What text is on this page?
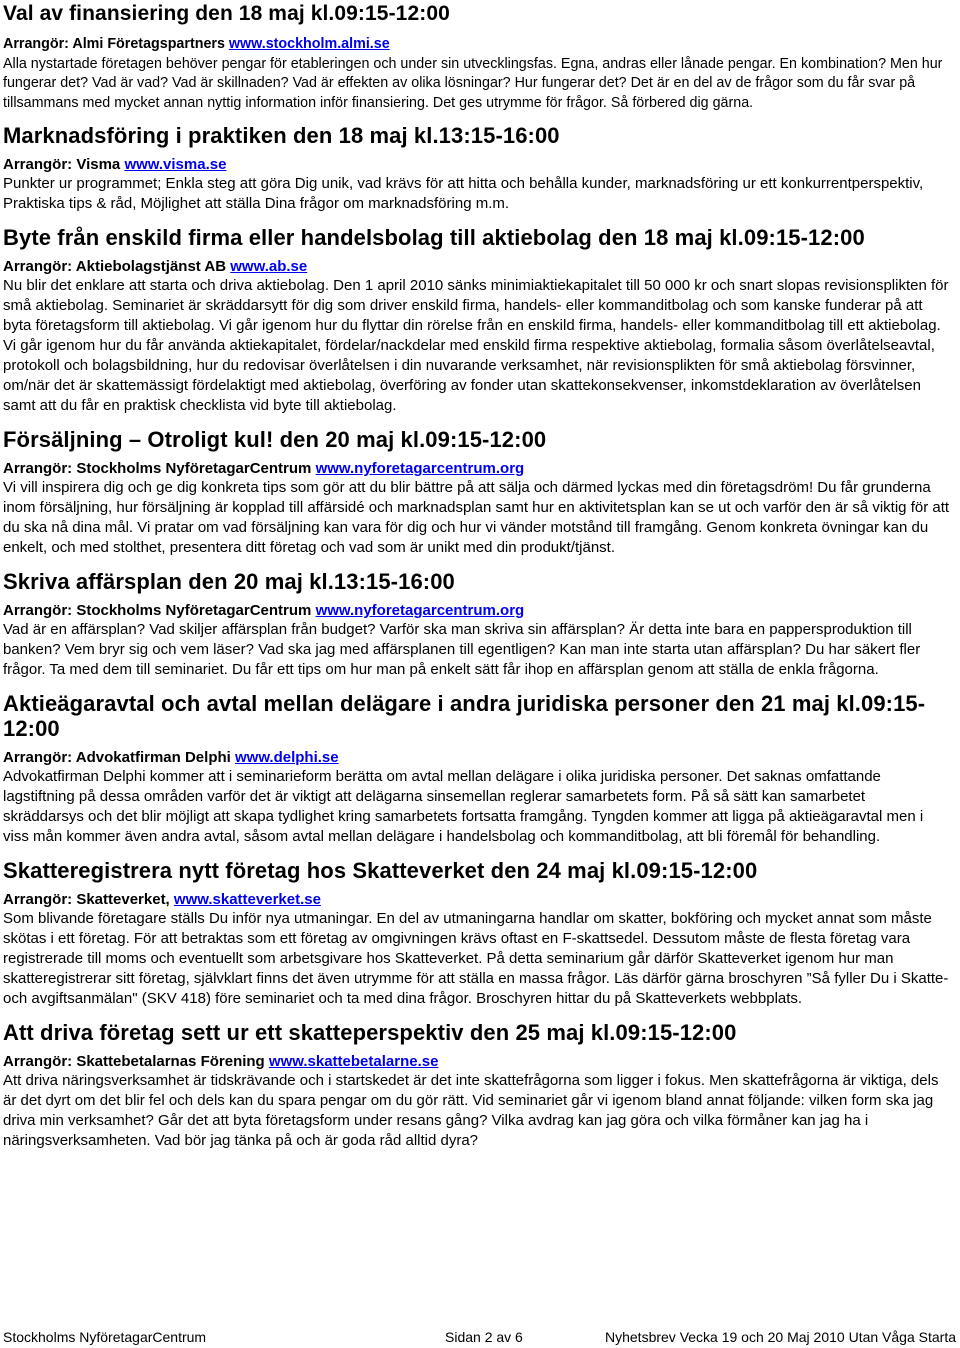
Val av finansiering den 18 maj kl.09:15-12:00

Arrangör: Almi Företagspartners www.stockholm.almi.se

Alla nystartade företagen behöver pengar för etableringen och under sin utvecklingsfas. Egna, andras eller lånade pengar. En kombination? Men hur fungerar det? Vad är vad? Vad är skillnaden? Vad är effekten av olika lösningar? Hur fungerar det? Det är en del av de frågor som du får svar på tillsammans med mycket annan nyttig information inför finansiering. Det ges utrymme för frågor. Så förbered dig gärna.

Marknadsföring i praktiken den 18 maj kl.13:15-16:00

Arrangör: Visma www.visma.se

Punkter ur programmet; Enkla steg att göra Dig unik, vad krävs för att hitta och behålla kunder, marknadsföring ur ett konkurrentperspektiv, Praktiska tips & råd, Möjlighet att ställa Dina frågor om marknadsföring m.m.

Byte från enskild firma eller handelsbolag till aktiebolag den 18 maj kl.09:15-12:00

Arrangör: Aktiebolagstjänst AB www.ab.se

Nu blir det enklare att starta och driva aktiebolag. Den 1 april 2010 sänks minimiaktiekapitalet till 50 000 kr och snart slopas revisionsplikten för små aktiebolag. Seminariet är skräddarsytt för dig som driver enskild firma, handels- eller kommanditbolag och som kanske funderar på att byta företagsform till aktiebolag. Vi går igenom hur du flyttar din rörelse från en enskild firma, handels- eller kommanditbolag till ett aktiebolag. Vi går igenom hur du får använda aktiekapitalet, fördelar/nackdelar med enskild firma respektive aktiebolag, formalia såsom överlåtelseavtal, protokoll och bolagsbildning, hur du redovisar överlåtelsen i din nuvarande verksamhet, när revisionsplikten för små aktiebolag försvinner, om/när det är skattemässigt fördelaktigt med aktiebolag, överföring av fonder utan skattekonsekvenser, inkomstdeklaration av överlåtelsen samt att du får en praktisk checklista vid byte till aktiebolag.

Försäljning – Otroligt kul! den 20 maj kl.09:15-12:00

Arrangör: Stockholms NyföretagarCentrum www.nyforetagarcentrum.org

Vi vill inspirera dig och ge dig konkreta tips som gör att du blir bättre på att sälja och därmed lyckas med din företagsdröm! Du får grunderna inom försäljning, hur försäljning är kopplad till affärsidé och marknadsplan samt hur en aktivitetsplan kan se ut och varför den är så viktig för att du ska nå dina mål. Vi pratar om vad försäljning kan vara för dig och hur vi vänder motstånd till framgång. Genom konkreta övningar kan du enkelt, och med stolthet, presentera ditt företag och vad som är unikt med din produkt/tjänst.

Skriva affärsplan den 20 maj kl.13:15-16:00

Arrangör: Stockholms NyföretagarCentrum www.nyforetagarcentrum.org

Vad är en affärsplan? Vad skiljer affärsplan från budget? Varför ska man skriva sin affärsplan? Är detta inte bara en pappersproduktion till banken? Vem bryr sig och vem läser? Vad ska jag med affärsplanen till egentligen? Kan man inte starta utan affärsplan? Du har säkert fler frågor. Ta med dem till seminariet. Du får ett tips om hur man på enkelt sätt får ihop en affärsplan genom att ställa de enkla frågorna.

Aktieägaravtal och avtal mellan delägare i andra juridiska personer den 21 maj kl.09:15-12:00

Arrangör: Advokatfirman Delphi www.delphi.se

Advokatfirman Delphi kommer att i seminarieform berätta om avtal mellan delägare i olika juridiska personer. Det saknas omfattande lagstiftning på dessa områden varför det är viktigt att delägarna sinsemellan reglerar samarbetets form. På så sätt kan samarbetet skräddarsys och det blir möjligt att skapa tydlighet kring samarbetets fortsatta framgång. Tyngden kommer att ligga på aktieägaravtal men i viss mån kommer även andra avtal, såsom avtal mellan delägare i handelsbolag och kommanditbolag, att bli föremål för behandling.

Skatteregistrera nytt företag hos Skatteverket den 24 maj kl.09:15-12:00

Arrangör: Skatteverket, www.skatteverket.se

Som blivande företagare ställs Du inför nya utmaningar. En del av utmaningarna handlar om skatter, bokföring och mycket annat som måste skötas i ett företag. För att betraktas som ett företag av omgivningen krävs oftast en F-skattsedel. Dessutom måste de flesta företag vara registrerade till moms och eventuellt som arbetsgivare hos Skatteverket. På detta seminarium går därför Skatteverket igenom hur man skatteregistrerar sitt företag, självklart finns det även utrymme för att ställa en massa frågor. Läs därför gärna broschyren ”Så fyller Du i Skatte- och avgiftsanmälan" (SKV 418) före seminariet och ta med dina frågor. Broschyren hittar du på Skatteverkets webbplats.

Att driva företag sett ur ett skatteperspektiv den 25 maj kl.09:15-12:00

Arrangör: Skattebetalarnas Förening www.skattebetalarne.se

Att driva näringsverksamhet är tidskrävande och i startskedet är det inte skattefrågorna som ligger i fokus. Men skattefrågorna är viktiga, dels är det dyrt om det blir fel och dels kan du spara pengar om du gör rätt. Vid seminariet går vi igenom bland annat följande: vilken form ska jag driva min verksamhet? Går det att byta företagsform under resans gång? Vilka avdrag kan jag göra och vilka förmåner kan jag ha i näringsverksamheten. Vad bör jag tänka på och är goda råd alltid dyra?

Stockholms NyföretagarCentrum	Sidan 2 av 6	Nyhetsbrev Vecka 19 och 20 Maj 2010 Utan Våga Starta
